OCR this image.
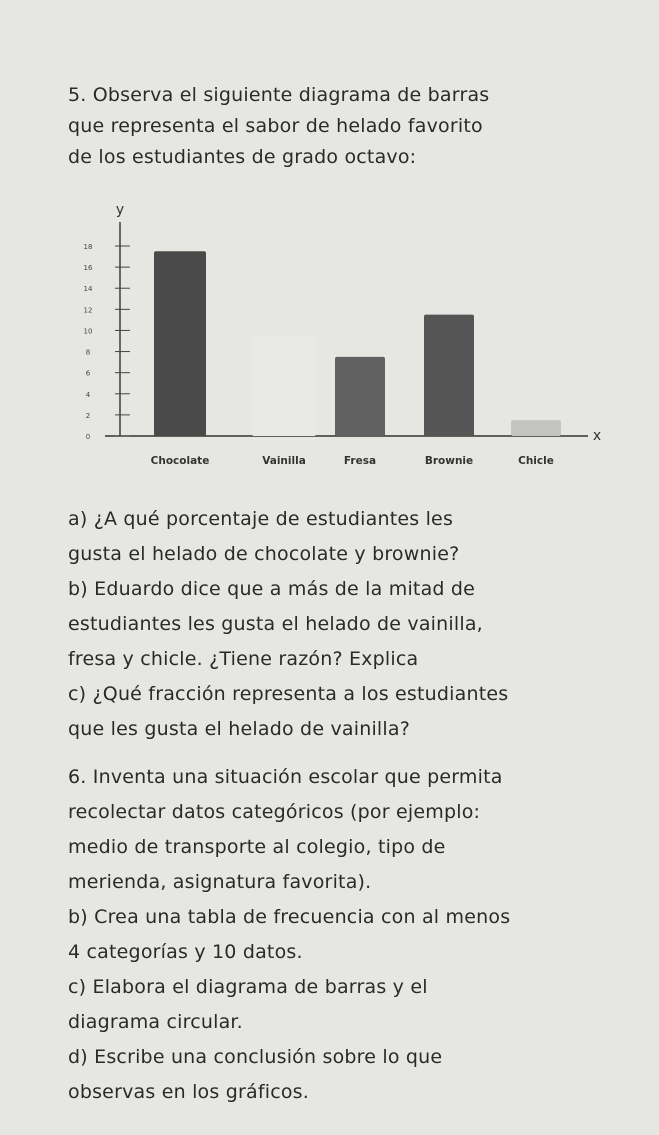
5. Observa el siguiente diagrama de barras
que representa el sabor de helado favorito
de los estudiantes de grado octavo:
y
x
0
2
4
6
8
10
12
14
16
18
Chocolate	Vainilla	Fresa	Brownie	Chicle
a) ¿A qué porcentaje de estudiantes les
gusta el helado de chocolate y brownie?
b) Eduardo dice que a más de la mitad de
estudiantes les gusta el helado de vainilla,
fresa y chicle. ¿Tiene razón? Explica
c) ¿Qué fracción representa a los estudiantes
que les gusta el helado de vainilla?
6. Inventa una situación escolar que permita
recolectar datos categóricos (por ejemplo:
medio de transporte al colegio, tipo de
merienda, asignatura favorita).
b) Crea una tabla de frecuencia con al menos
4 categorías y 10 datos.
c) Elabora el diagrama de barras y el
diagrama circular.
d) Escribe una conclusión sobre lo que
observas en los gráficos.
